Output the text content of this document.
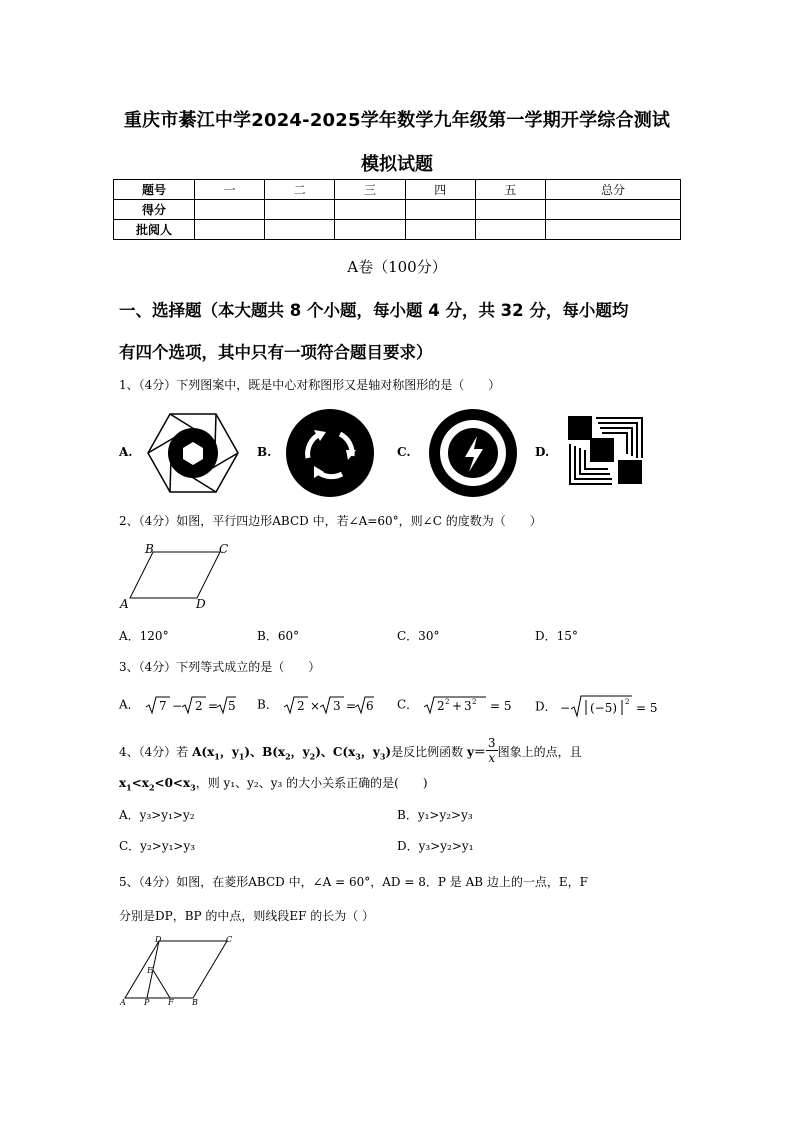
重庆市綦江中学2024-2025学年数学九年级第一学期开学综合测试
模拟试题
题号	一	二	三	四	五	总分
得分						
批阅人						
A卷（100分）
一、选择题（本大题共 8 个小题，每小题 4 分，共 32 分，每小题均
有四个选项，其中只有一项符合题目要求）
1、（4分）下列图案中，既是中心对称图形又是轴对称图形的是（　　）
A.	B.	C.	D.
2、（4分）如图，平行四边形ABCD 中，若∠A=60°，则∠C 的度数为（　　）
B	C
A	D
A．120°	B．60°	C．30°	D．15°
3、（4分）下列等式成立的是（　　）
A． 7 − 2 = 5 B． 2 × 3 = 6 C． 2 2 + 3 2 = 5 D． − (−5) 2 = 5
4、（4分）若 $A(x_1$，$y_1$)、$B(x_2$，$y_2$)、$C(x_3$，$y_3$)是反比例函数 $y= \frac{3}{x}$ 图象上的点，且
$x_1<x_2<0<x_3$，则 y₁、y₂、y₃ 的大小关系正确的是(　　)
A．y₃>y₁>y₂	B．y₁>y₂>y₃
C．y₂>y₁>y₃	D．y₃>y₂>y₁
5、（4分）如图，在菱形ABCD 中，∠A = 60°，AD = 8．P 是 AB 边上的一点，E，F
分别是DP，BP 的中点，则线段EF 的长为（ ）
D	C
E
A P F B
